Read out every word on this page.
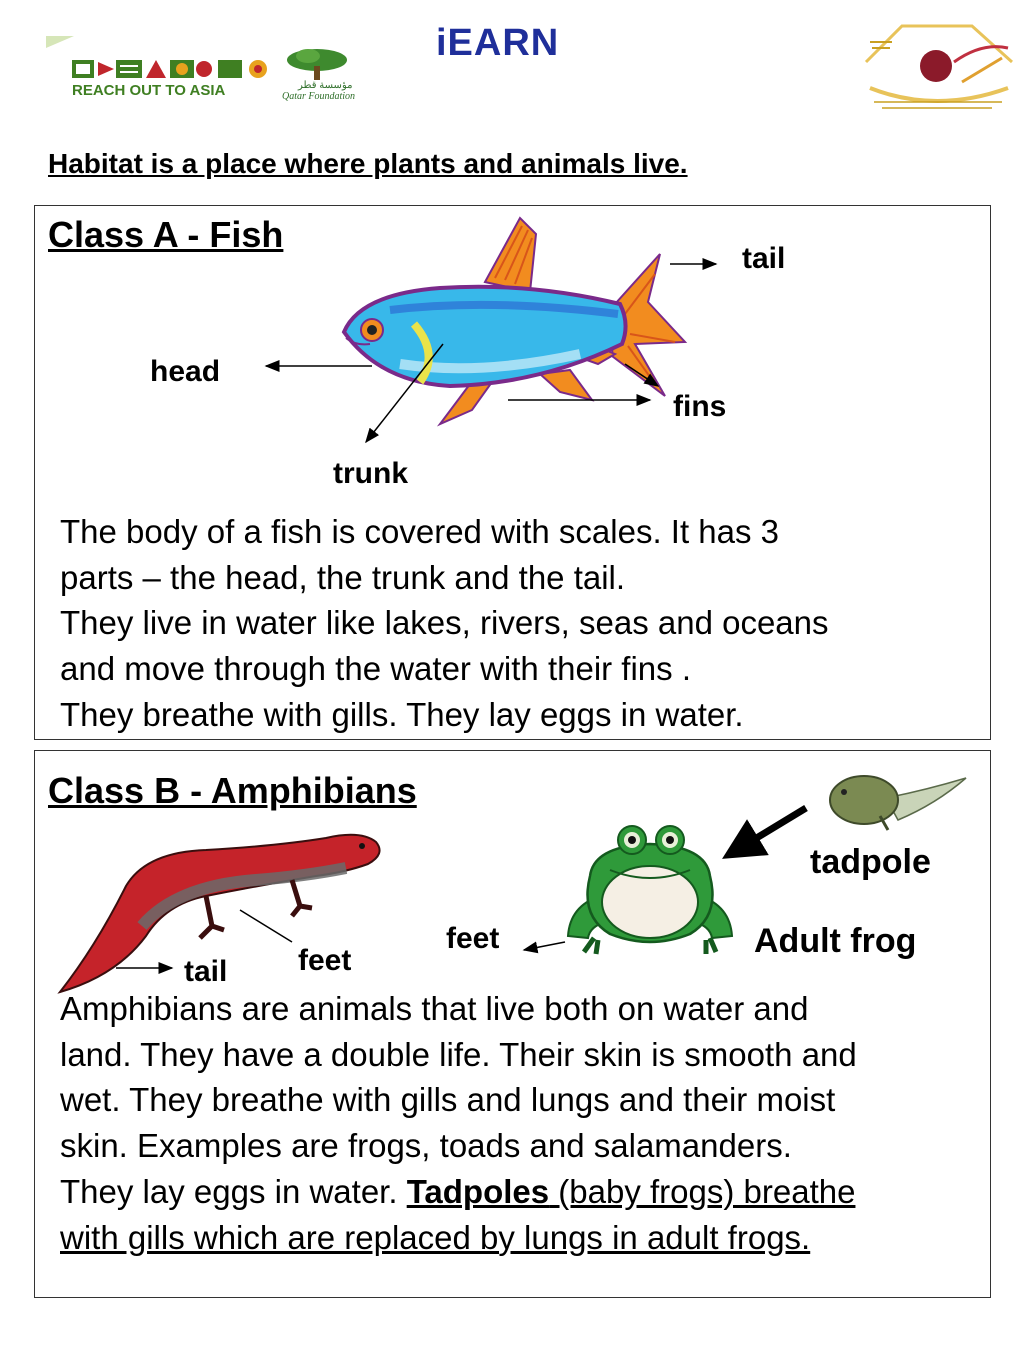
REACH OUT TO ASIA	مؤسسة قطر
Qatar Foundation
iEARN
Habitat is a place where plants and animals live.
Class A - Fish
tail
head
fins
trunk

The body of a fish is covered with scales. It has 3

parts – the head, the trunk and the tail.

They live in water like lakes, rivers, seas and oceans

and move through the water with their fins .

They breathe with gills. They lay eggs in water.

Class B - Amphibians
tadpole
Adult frog
feet
feet
tail

Amphibians are animals that live both on water and

land. They have a double life. Their skin is smooth and

wet. They breathe with gills and lungs and their moist

skin. Examples are frogs, toads and salamanders.

They lay eggs in water. Tadpoles (baby frogs) breathe

with gills which are replaced by lungs in adult frogs.
